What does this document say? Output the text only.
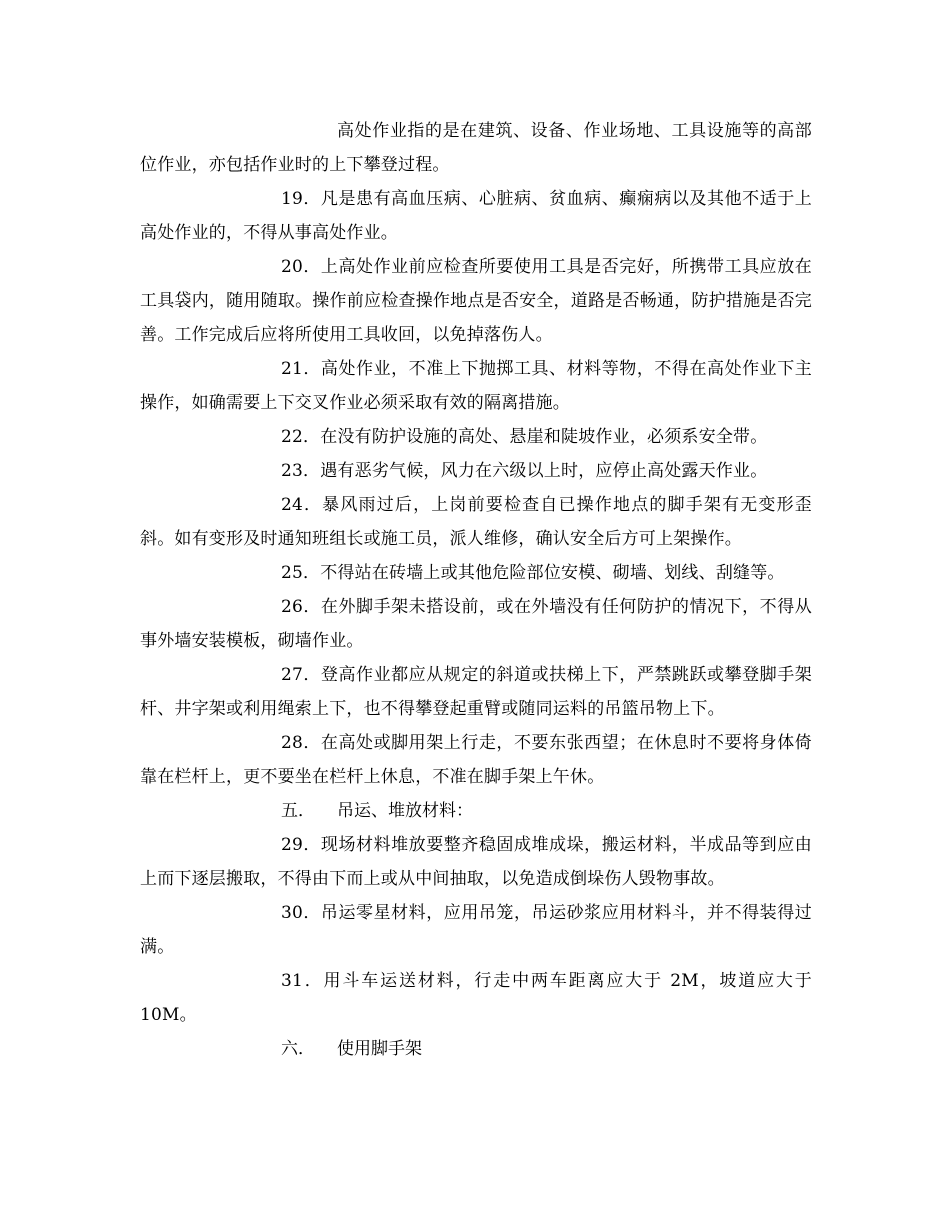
高处作业指的是在建筑、设备、作业场地、工具设施等的高部位作业，亦包括作业时的上下攀登过程。

19．凡是患有高血压病、心脏病、贫血病、癫痫病以及其他不适于上高处作业的，不得从事高处作业。

20．上高处作业前应检查所要使用工具是否完好，所携带工具应放在工具袋内，随用随取。操作前应检查操作地点是否安全，道路是否畅通，防护措施是否完善。工作完成后应将所使用工具收回，以免掉落伤人。

21．高处作业，不准上下抛掷工具、材料等物，不得在高处作业下主操作，如确需要上下交叉作业必须采取有效的隔离措施。

22．在没有防护设施的高处、悬崖和陡坡作业，必须系安全带。

23．遇有恶劣气候，风力在六级以上时，应停止高处露天作业。

24．暴风雨过后，上岗前要检查自已操作地点的脚手架有无变形歪斜。如有变形及时通知班组长或施工员，派人维修，确认安全后方可上架操作。

25．不得站在砖墙上或其他危险部位安模、砌墙、划线、刮缝等。

26．在外脚手架未搭设前，或在外墙没有任何防护的情况下，不得从事外墙安装模板，砌墙作业。

27．登高作业都应从规定的斜道或扶梯上下，严禁跳跃或攀登脚手架杆、井字架或利用绳索上下，也不得攀登起重臂或随同运料的吊篮吊物上下。

28．在高处或脚用架上行走，不要东张西望；在休息时不要将身体倚靠在栏杆上，更不要坐在栏杆上休息，不准在脚手架上午休。

五． 吊运、堆放材料：

29．现场材料堆放要整齐稳固成堆成垛，搬运材料，半成品等到应由上而下逐层搬取，不得由下而上或从中间抽取，以免造成倒垛伤人毁物事故。

30．吊运零星材料，应用吊笼，吊运砂浆应用材料斗，并不得装得过满。

31．用斗车运送材料，行走中两车距离应大于 2M，坡道应大于10M。

六． 使用脚手架
